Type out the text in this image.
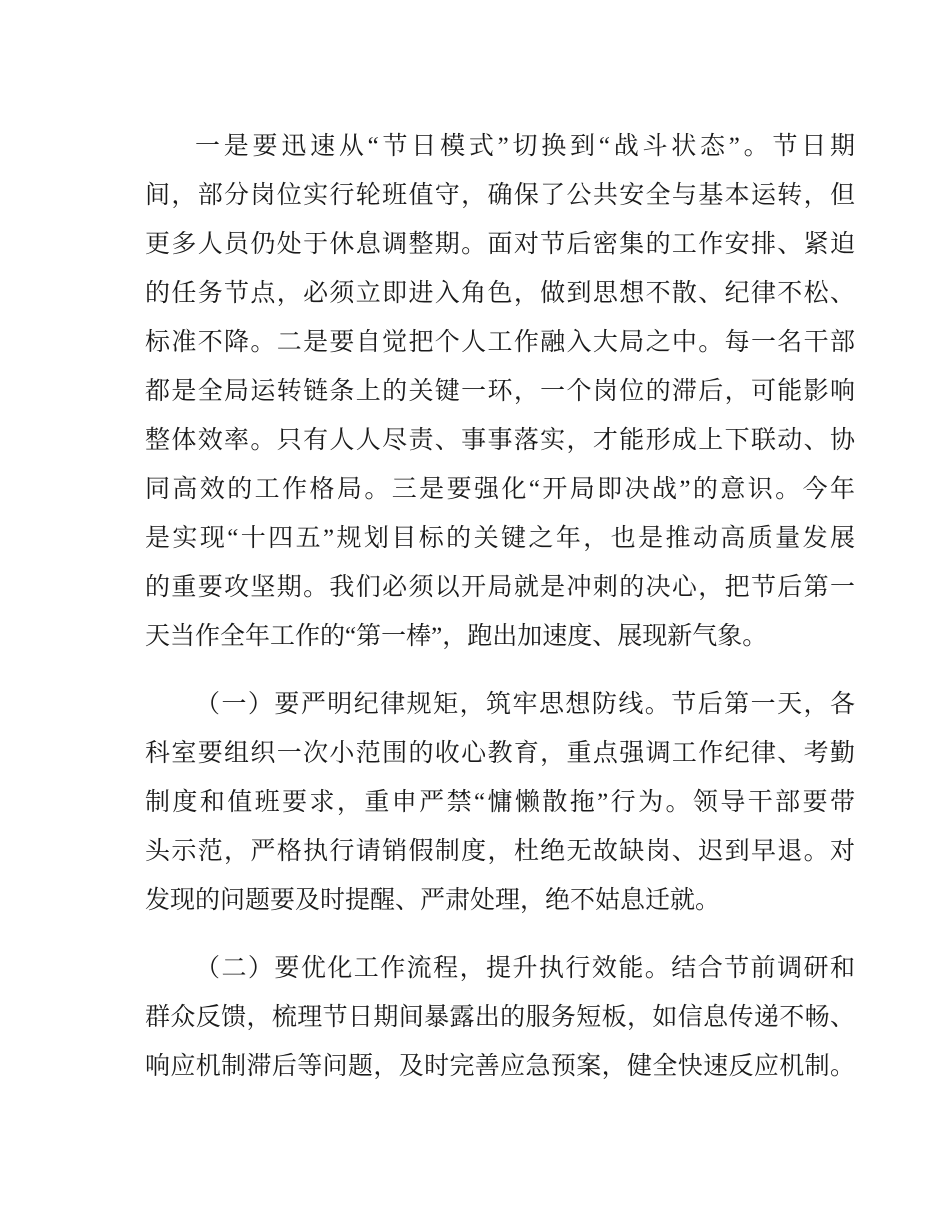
一是要迅速从“节日模式”切换到“战斗状态”。节日期
间，部分岗位实行轮班值守，确保了公共安全与基本运转，但
更多人员仍处于休息调整期。面对节后密集的工作安排、紧迫
的任务节点，必须立即进入角色，做到思想不散、纪律不松、
标准不降。二是要自觉把个人工作融入大局之中。每一名干部
都是全局运转链条上的关键一环，一个岗位的滞后，可能影响
整体效率。只有人人尽责、事事落实，才能形成上下联动、协
同高效的工作格局。三是要强化“开局即决战”的意识。今年
是实现“十四五”规划目标的关键之年，也是推动高质量发展
的重要攻坚期。我们必须以开局就是冲刺的决心，把节后第一
天当作全年工作的“第一棒”，跑出加速度、展现新气象。
（一）要严明纪律规矩，筑牢思想防线。节后第一天，各
科室要组织一次小范围的收心教育，重点强调工作纪律、考勤
制度和值班要求，重申严禁“慵懒散拖”行为。领导干部要带
头示范，严格执行请销假制度，杜绝无故缺岗、迟到早退。对
发现的问题要及时提醒、严肃处理，绝不姑息迁就。
（二）要优化工作流程，提升执行效能。结合节前调研和
群众反馈，梳理节日期间暴露出的服务短板，如信息传递不畅、
响应机制滞后等问题，及时完善应急预案，健全快速反应机制。
